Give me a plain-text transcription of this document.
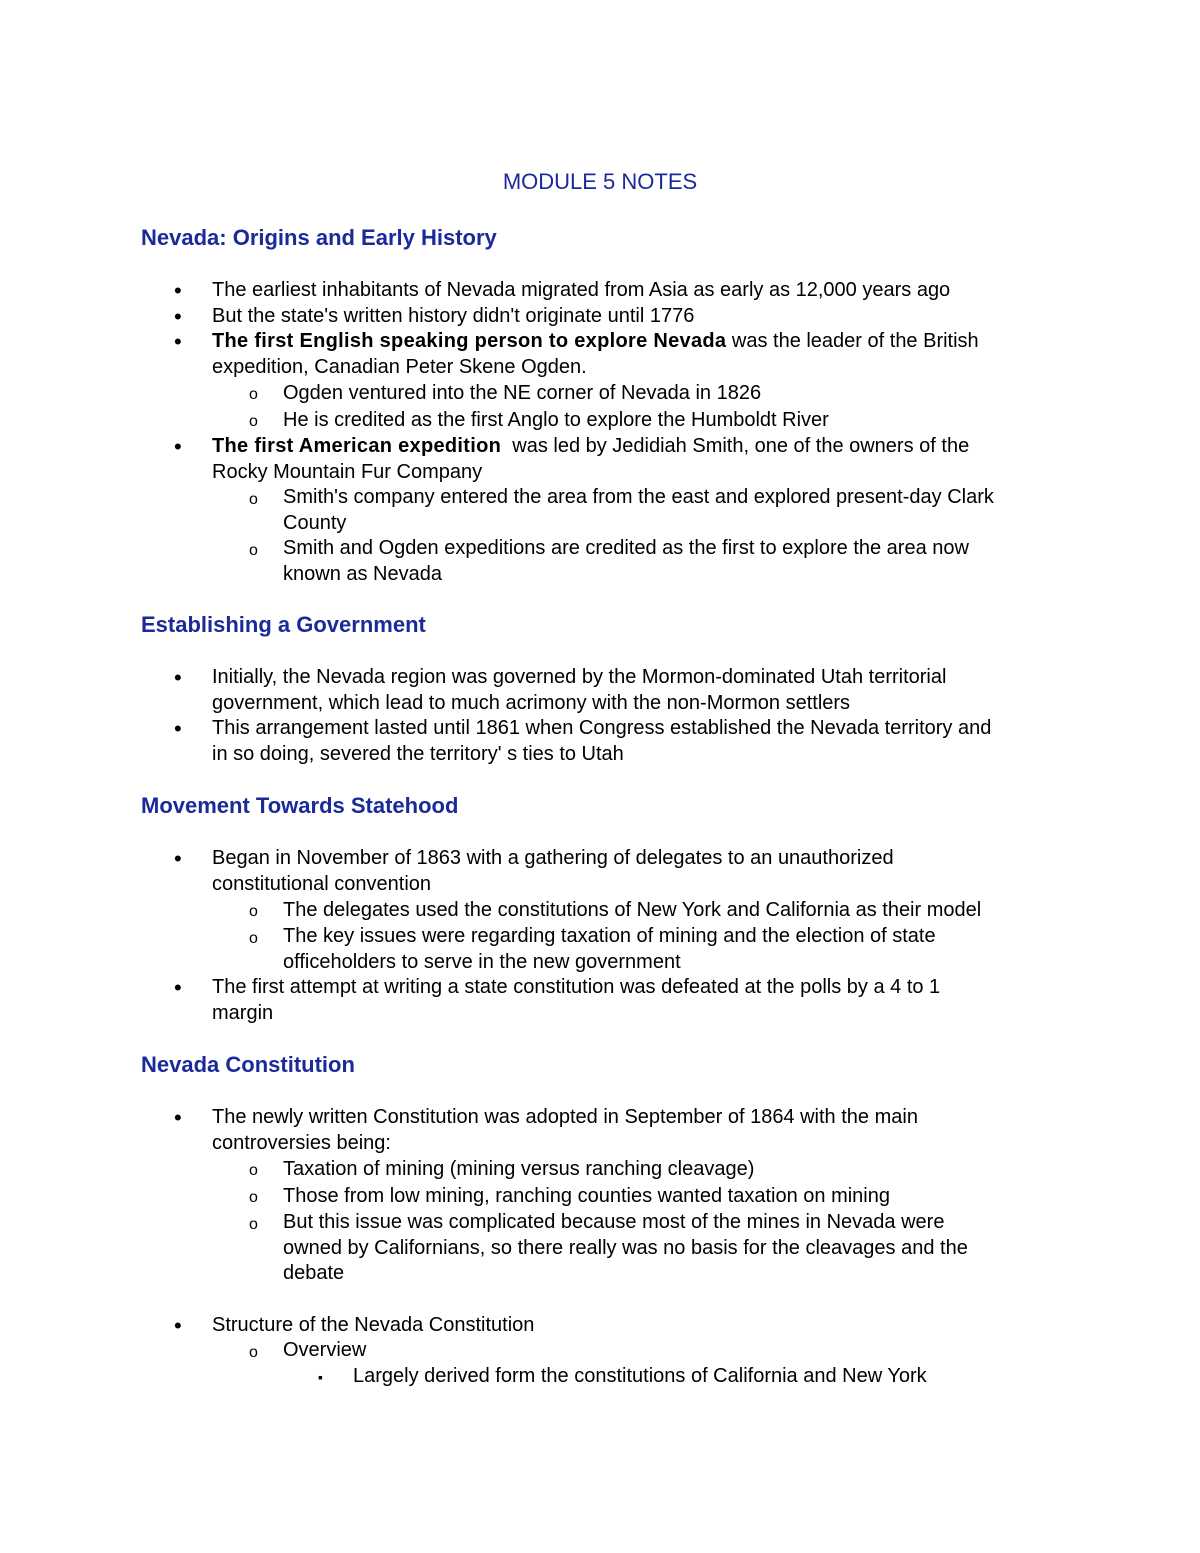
MODULE 5 NOTES
Nevada: Origins and Early History
• The earliest inhabitants of Nevada migrated from Asia as early as 12,000 years ago
• But the state's written history didn't originate until 1776
• The first English speaking person to explore Nevada was the leader of the British
expedition, Canadian Peter Skene Ogden.
o Ogden ventured into the NE corner of Nevada in 1826
o He is credited as the first Anglo to explore the Humboldt River
• The first American expedition  was led by Jedidiah Smith, one of the owners of the
Rocky Mountain Fur Company
o Smith's company entered the area from the east and explored present-day Clark
County
o Smith and Ogden expeditions are credited as the first to explore the area now
known as Nevada
Establishing a Government
• Initially, the Nevada region was governed by the Mormon-dominated Utah territorial
government, which lead to much acrimony with the non-Mormon settlers
• This arrangement lasted until 1861 when Congress established the Nevada territory and
in so doing, severed the territory' s ties to Utah
Movement Towards Statehood
• Began in November of 1863 with a gathering of delegates to an unauthorized
constitutional convention
o The delegates used the constitutions of New York and California as their model
o The key issues were regarding taxation of mining and the election of state
officeholders to serve in the new government
• The first attempt at writing a state constitution was defeated at the polls by a 4 to 1
margin
Nevada Constitution
• The newly written Constitution was adopted in September of 1864 with the main
controversies being:
o Taxation of mining (mining versus ranching cleavage)
o Those from low mining, ranching counties wanted taxation on mining
o But this issue was complicated because most of the mines in Nevada were
owned by Californians, so there really was no basis for the cleavages and the
debate
• Structure of the Nevada Constitution
o Overview
▪ Largely derived form the constitutions of California and New York
